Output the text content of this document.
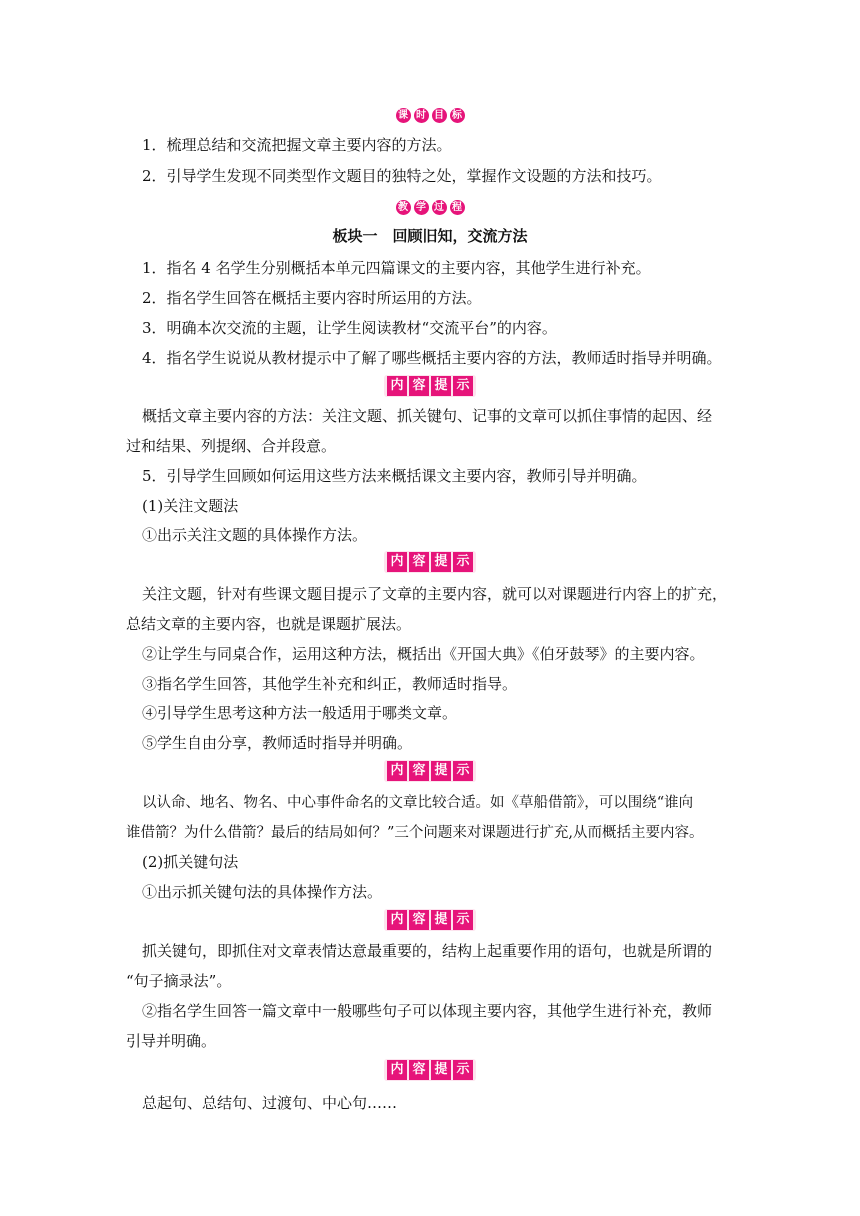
课 时 目 标
1．梳理总结和交流把握文章主要内容的方法。
2．引导学生发现不同类型作文题目的独特之处，掌握作文设题的方法和技巧。
教 学 过 程
板块一　回顾旧知，交流方法
1．指名 4 名学生分别概括本单元四篇课文的主要内容，其他学生进行补充。
2．指名学生回答在概括主要内容时所运用的方法。
3．明确本次交流的主题，让学生阅读教材“交流平台”的内容。
4．指名学生说说从教材提示中了解了哪些概括主要内容的方法，教师适时指导并明确。
内 容 提 示
概括文章主要内容的方法：关注文题、抓关键句、记事的文章可以抓住事情的起因、经
过和结果、列提纲、合并段意。
5．引导学生回顾如何运用这些方法来概括课文主要内容，教师引导并明确。
(1)关注文题法
①出示关注文题的具体操作方法。
内 容 提 示
关注文题，针对有些课文题目提示了文章的主要内容，就可以对课题进行内容上的扩充，
总结文章的主要内容，也就是课题扩展法。
②让学生与同桌合作，运用这种方法，概括出《开国大典》《伯牙鼓琴》的主要内容。
③指名学生回答，其他学生补充和纠正，教师适时指导。
④引导学生思考这种方法一般适用于哪类文章。
⑤学生自由分享，教师适时指导并明确。
内 容 提 示
以认命、地名、物名、中心事件命名的文章比较合适。如《草船借箭》，可以围绕“谁向
谁借箭？为什么借箭？最后的结局如何？”三个问题来对课题进行扩充,从而概括主要内容。
(2)抓关键句法
①出示抓关键句法的具体操作方法。
内 容 提 示
抓关键句，即抓住对文章表情达意最重要的，结构上起重要作用的语句，也就是所谓的
“句子摘录法”。
②指名学生回答一篇文章中一般哪些句子可以体现主要内容，其他学生进行补充，教师
引导并明确。
内 容 提 示
总起句、总结句、过渡句、中心句……
